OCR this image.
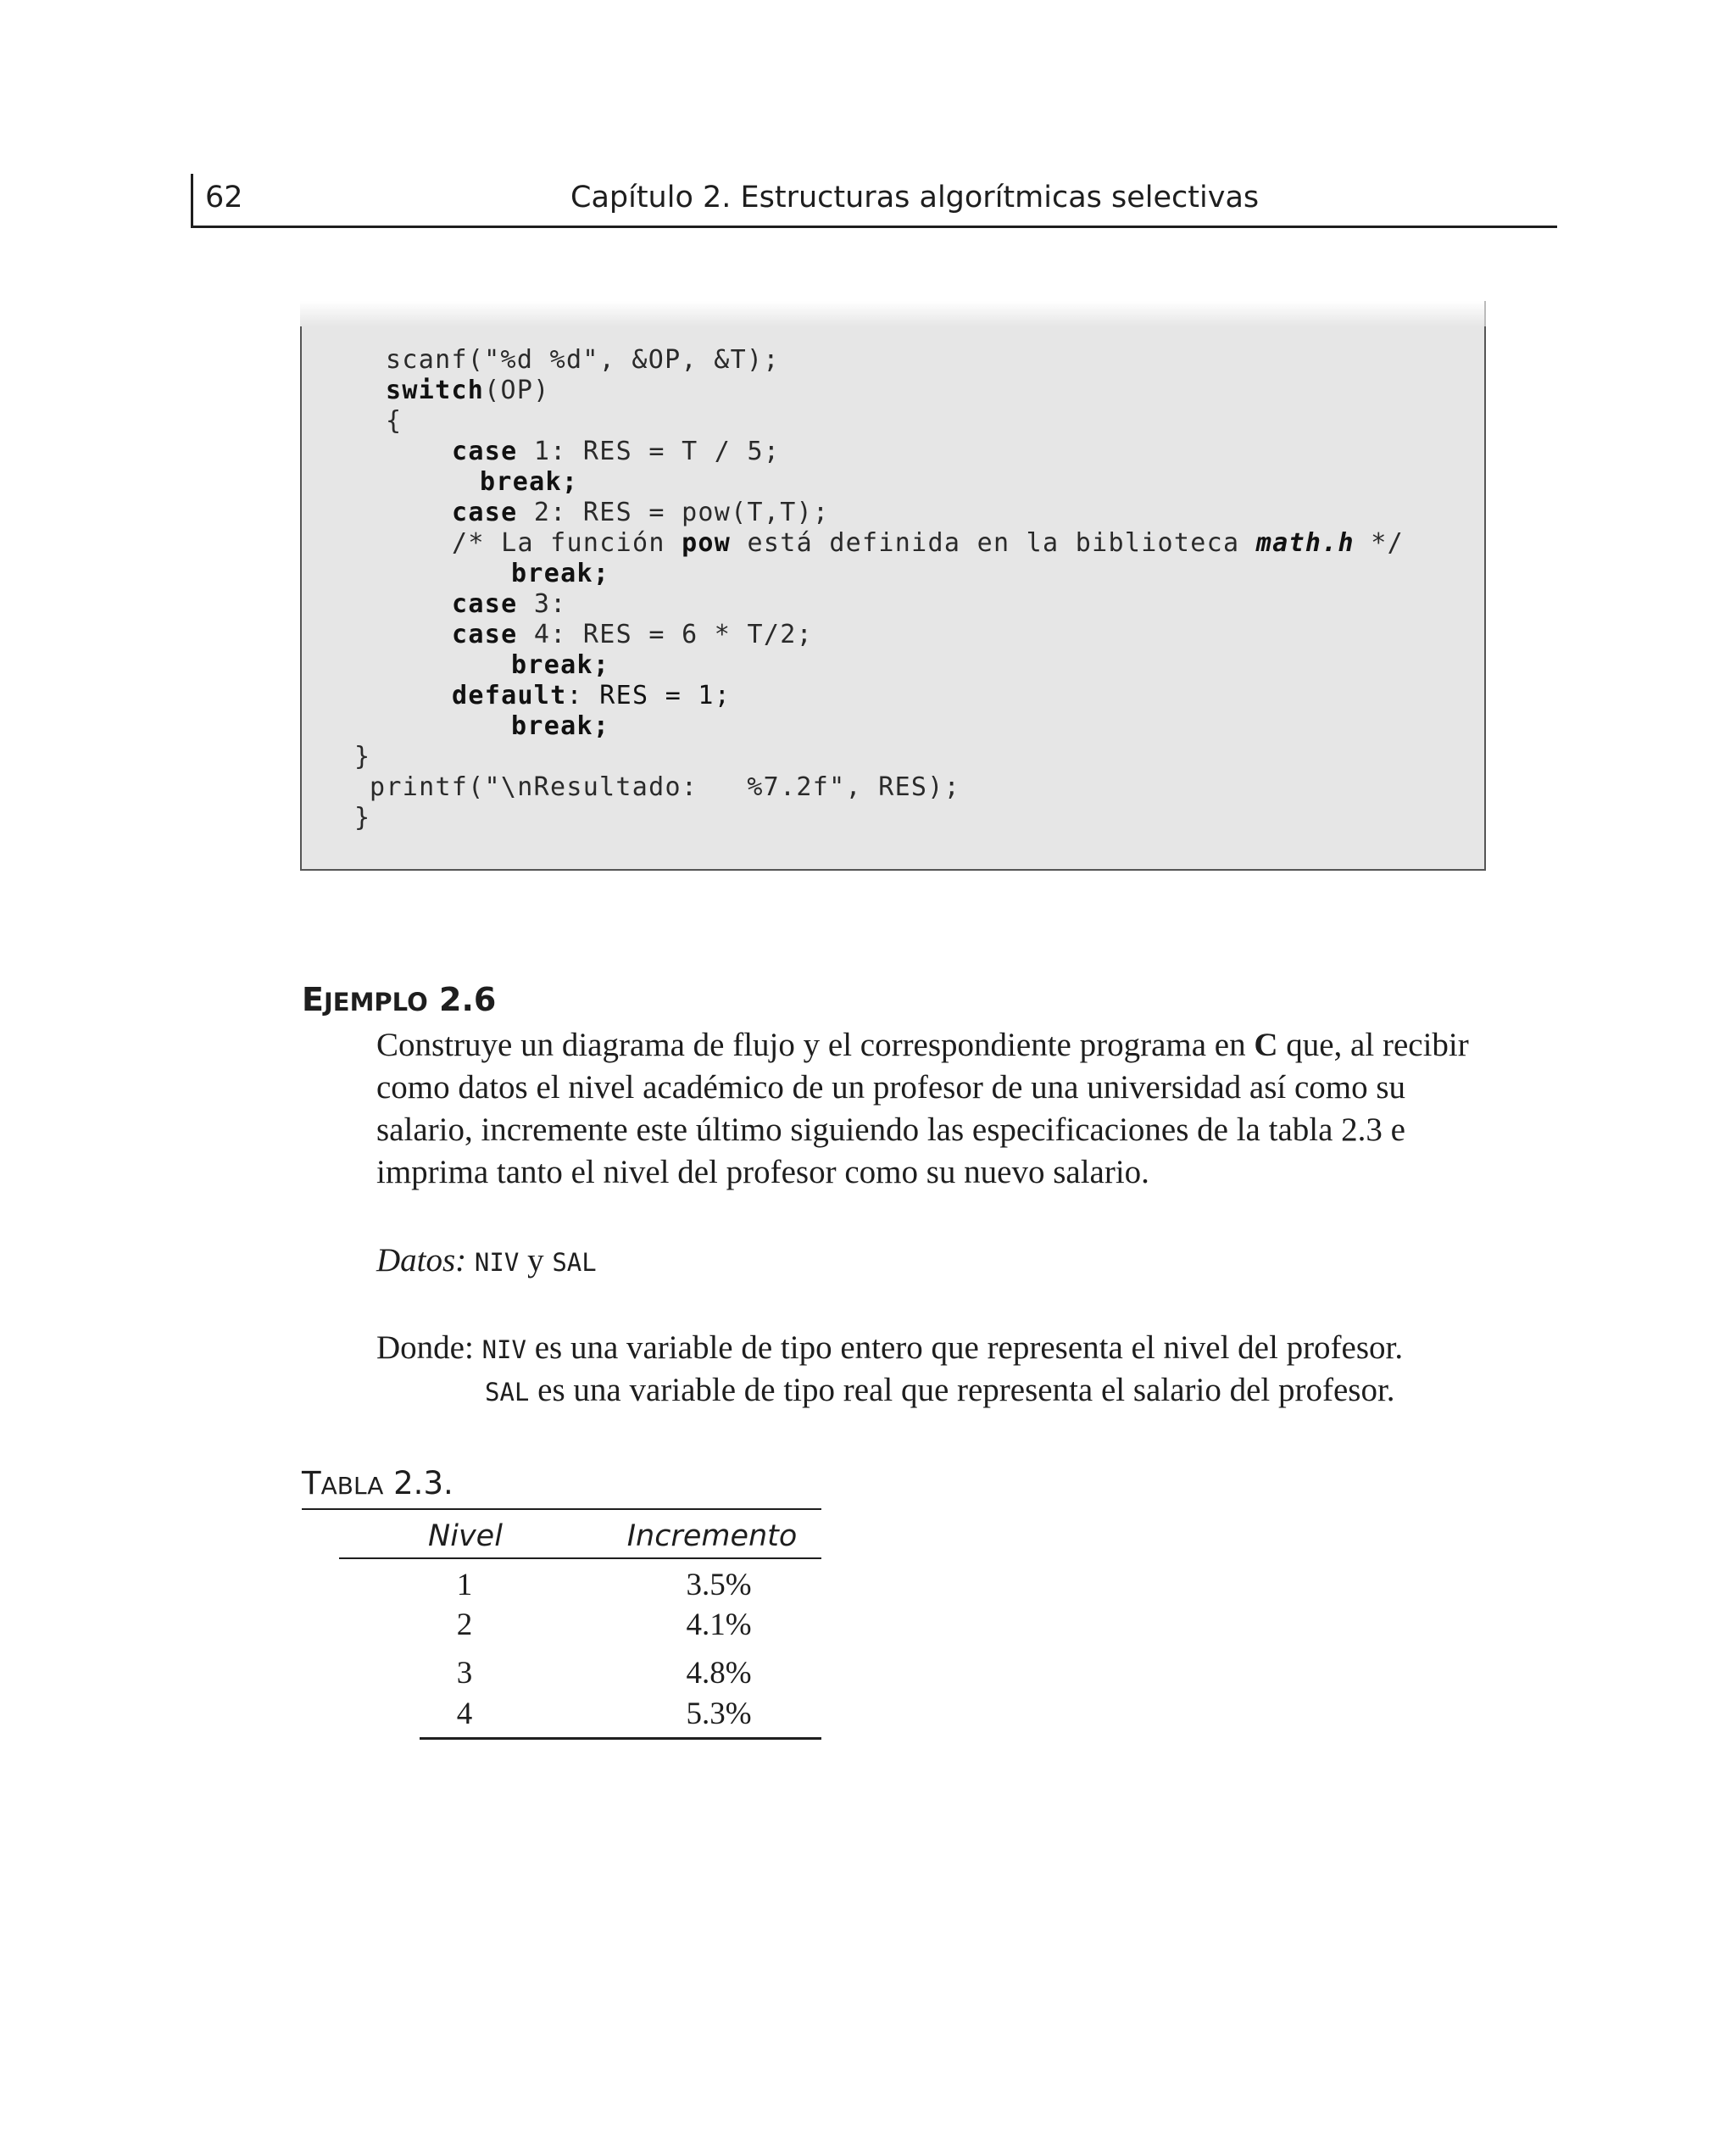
62	Capítulo 2. Estructuras algorítmicas selectivas
scanf("%d %d", &OP, &T);
switch(OP)
{
case 1: RES = T / 5;
break;
case 2: RES = pow(T,T);
/* La función pow está definida en la biblioteca math.h */
break;
case 3:
case 4: RES = 6 * T/2;
break;
default: RES = 1;
break;
}
printf("\nResultado:   %7.2f", RES);
}
EJEMPLO 2.6
Construye un diagrama de flujo y el correspondiente programa en C que, al recibir
como datos el nivel académico de un profesor de una universidad así como su
salario, incremente este último siguiendo las especificaciones de la tabla 2.3 e
imprima tanto el nivel del profesor como su nuevo salario.
Datos: NIV y SAL
Donde: NIV es una variable de tipo entero que representa el nivel del profesor.
SAL es una variable de tipo real que representa el salario del profesor.
TABLA 2.3.
Nivel	Incremento
1	3.5%
2	4.1%
3	4.8%
4	5.3%
